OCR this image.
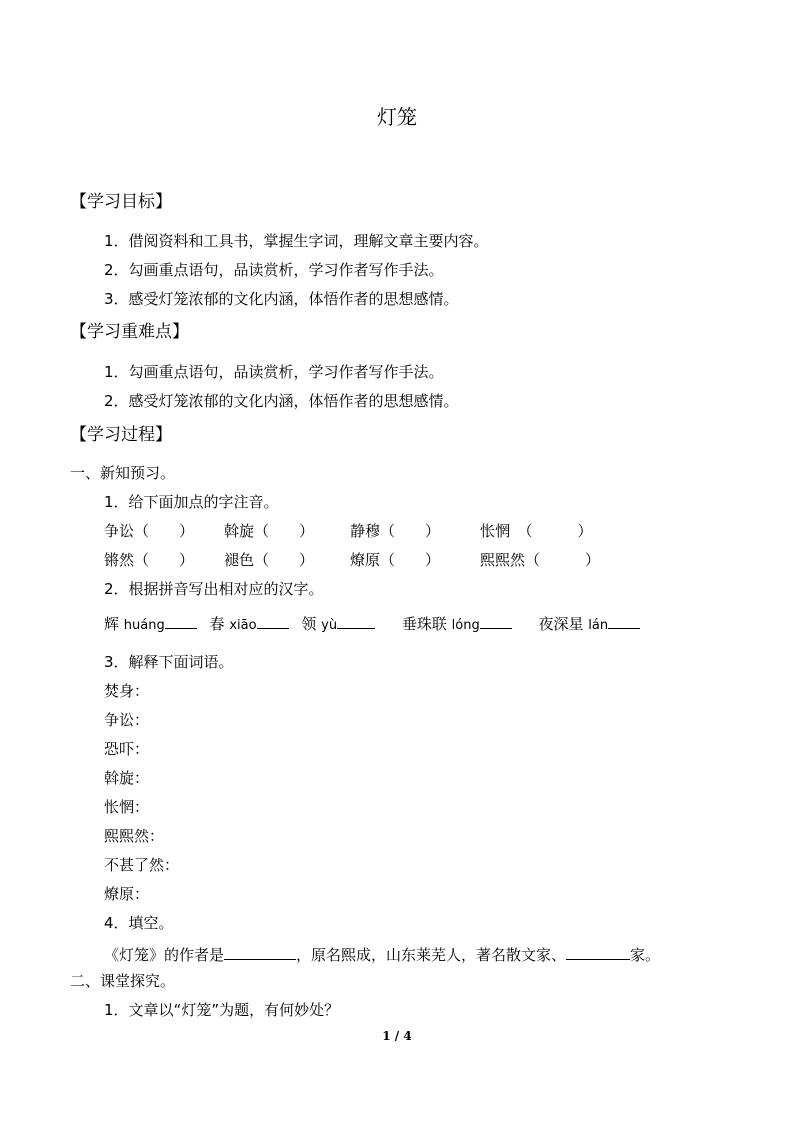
灯笼
【学习目标】
1．借阅资料和工具书，掌握生字词，理解文章主要内容。
2．勾画重点语句，品读赏析，学习作者写作手法。
3．感受灯笼浓郁的文化内涵，体悟作者的思想感情。
【学习重难点】
1．勾画重点语句，品读赏析，学习作者写作手法。
2．感受灯笼浓郁的文化内涵，体悟作者的思想感情。
【学习过程】
一、新知预习。
1．给下面加点的字注音。
争讼（　　） 斡旋（　　） 静穆（　　）	怅惘　（　　　）
锵然（　　） 褪色（　　） 燎原（　　）	熙熙然（　　　）
2．根据拼音写出相对应的汉字。
辉 huáng	春 xiāo	领 yù	垂珠联 lóng	夜深星 lán
3．解释下面词语。
焚身：
争讼：
恐吓：
斡旋：
怅惘：
熙熙然：
不甚了然：
燎原：
4．填空。
《灯笼》的作者是	，原名熙成，山东莱芜人，著名散文家、	家。
二、课堂探究。
1．文章以“灯笼”为题，有何妙处？
1 / 4
